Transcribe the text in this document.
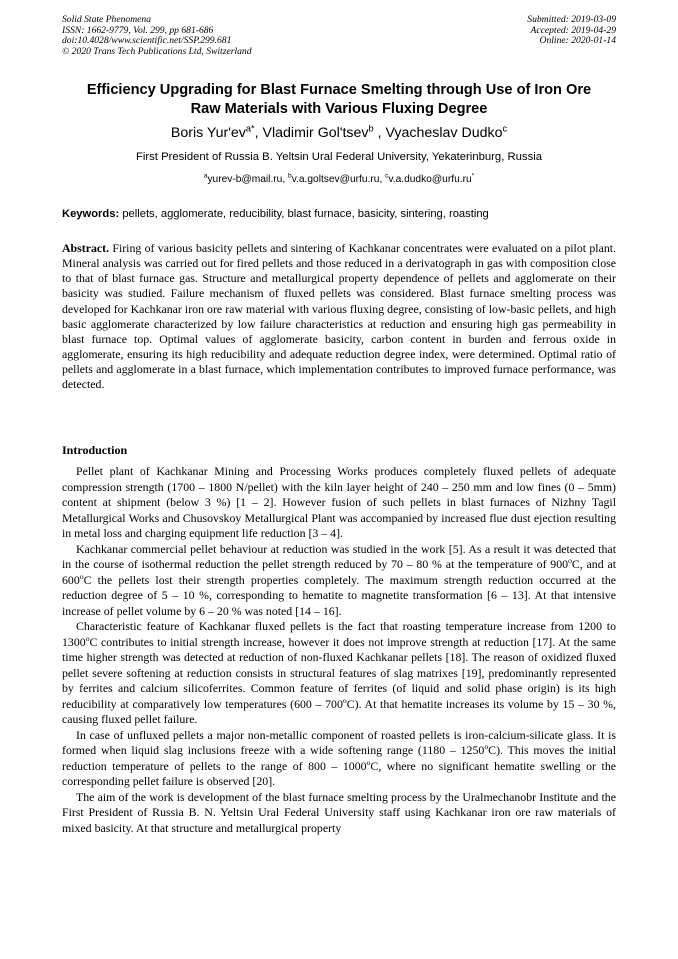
Solid State Phenomena
ISSN: 1662-9779, Vol. 299, pp 681-686
doi:10.4028/www.scientific.net/SSP.299.681
© 2020 Trans Tech Publications Ltd, Switzerland
Submitted: 2019-03-09
Accepted: 2019-04-29
Online: 2020-01-14
Efficiency Upgrading for Blast Furnace Smelting through Use of Iron Ore Raw Materials with Various Fluxing Degree
Boris $Yur'ev^{a*}$, Vladimir Gol'tsev$^b$ , Vyacheslav Dudko$^c$
First President of Russia B. Yeltsin Ural Federal University, Yekaterinburg, Russia
$^a$yurev-b@mail.ru, $^b$v.a.goltsev@urfu.ru, $^c$v.a.dudko@urfu.ru*
Keywords: pellets, agglomerate, reducibility, blast furnace, basicity, sintering, roasting

Abstract. Firing of various basicity pellets and sintering of Kachkanar concentrates were evaluated on a pilot plant. Mineral analysis was carried out for fired pellets and those reduced in a derivatograph in gas with composition close to that of blast furnace gas. Structure and metallurgical property dependence of pellets and agglomerate on their basicity was studied. Failure mechanism of fluxed pellets was considered. Blast furnace smelting process was developed for Kachkanar iron ore raw material with various fluxing degree, consisting of low-basic pellets, and high basic agglomerate characterized by low failure characteristics at reduction and ensuring high gas permeability in blast furnace top. Optimal values of agglomerate basicity, carbon content in burden and ferrous oxide in agglomerate, ensuring its high reducibility and adequate reduction degree index, were determined. Optimal ratio of pellets and agglomerate in a blast furnace, which implementation contributes to improved furnace performance, was detected.

Introduction

Pellet plant of Kachkanar Mining and Processing Works produces completely fluxed pellets of adequate compression strength (1700 – 1800 N/pellet) with the kiln layer height of 240 – 250 mm and low fines (0 – 5mm) content at shipment (below 3 %) [1 – 2]. However fusion of such pellets in blast furnaces of Nizhny Tagil Metallurgical Works and Chusovskoy Metallurgical Plant was accompanied by increased flue dust ejection resulting in metal loss and charging equipment life reduction [3 – 4].

Kachkanar commercial pellet behaviour at reduction was studied in the work [5]. As a result it was detected that in the course of isothermal reduction the pellet strength reduced by 70 – 80 % at the temperature of 900$^o$C, and at 600$^o$C the pellets lost their strength properties completely. The maximum strength reduction occurred at the reduction degree of 5 – 10 %, corresponding to hematite to magnetite transformation [6 – 13]. At that intensive increase of pellet volume by 6 – 20 % was noted [14 – 16].

Characteristic feature of Kachkanar fluxed pellets is the fact that roasting temperature increase from 1200 to 1300$^o$C contributes to initial strength increase, however it does not improve strength at reduction [17]. At the same time higher strength was detected at reduction of non-fluxed Kachkanar pellets [18]. The reason of oxidized fluxed pellet severe softening at reduction consists in structural features of slag matrixes [19], predominantly represented by ferrites and calcium silicoferrites. Common feature of ferrites (of liquid and solid phase origin) is its high reducibility at comparatively low temperatures (600 – 700$^o$C). At that hematite increases its volume by 15 – 30 %, causing fluxed pellet failure.

In case of unfluxed pellets a major non-metallic component of roasted pellets is iron-calcium-silicate glass. It is formed when liquid slag inclusions freeze with a wide softening range (1180 – 1250$^o$C). This moves the initial reduction temperature of pellets to the range of 800 – 1000$^o$C, where no significant hematite swelling or the corresponding pellet failure is observed [20].

The aim of the work is development of the blast furnace smelting process by the Uralmechanobr Institute and the First President of Russia B. N. Yeltsin Ural Federal University staff using Kachkanar iron ore raw materials of mixed basicity. At that structure and metallurgical property
